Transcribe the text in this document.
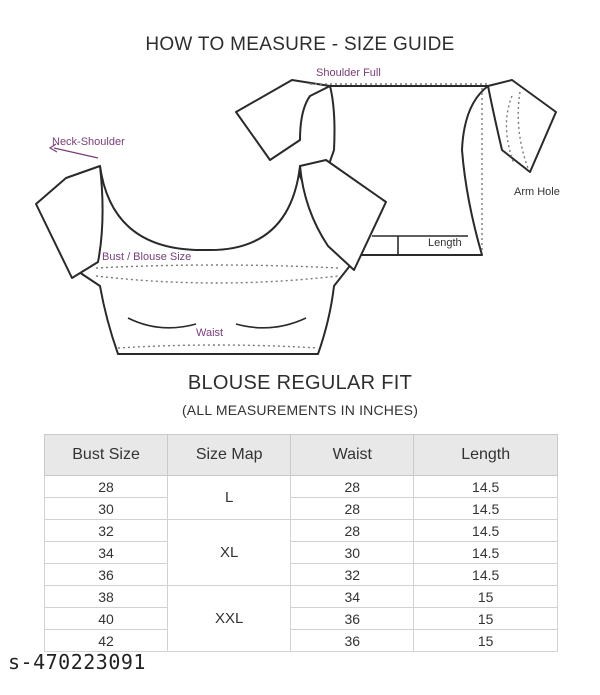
HOW TO MEASURE - SIZE GUIDE
Shoulder Full
Neck-Shoulder
Arm Hole
Length
Bust / Blouse Size
Waist
BLOUSE REGULAR FIT
(ALL MEASUREMENTS IN INCHES)
Bust Size	Size Map	Waist	Length
28	L	28	14.5
30		28	14.5
32	XL	28	14.5
34		30	14.5
36		32	14.5
38	XXL	34	15
40		36	15
42		36	15
s-470223091
